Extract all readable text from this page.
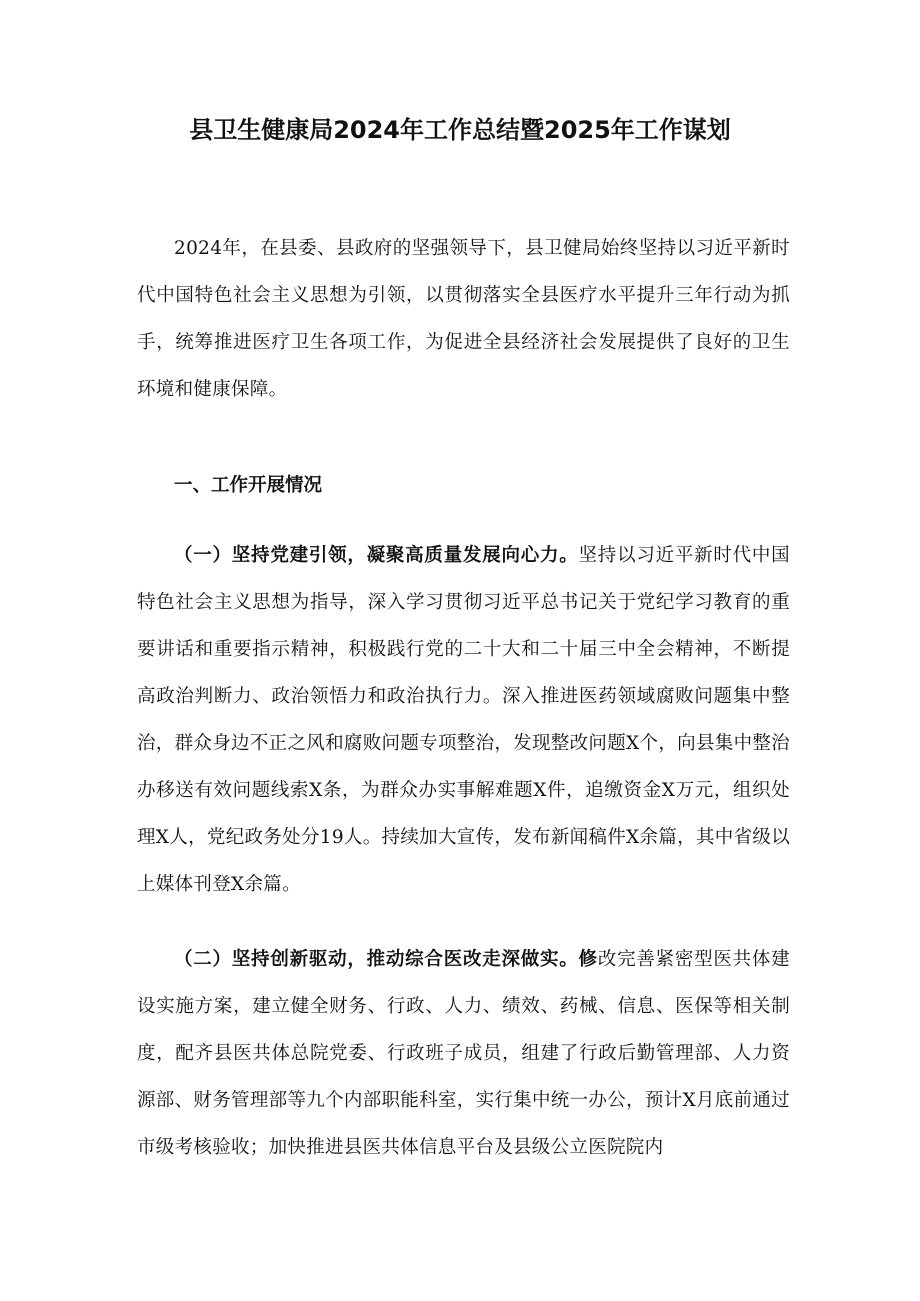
县卫生健康局2024年工作总结暨2025年工作谋划

2024年，在县委、县政府的坚强领导下，县卫健局始终坚持以习近平新时代中国特色社会主义思想为引领，以贯彻落实全县医疗水平提升三年行动为抓手，统筹推进医疗卫生各项工作，为促进全县经济社会发展提供了良好的卫生环境和健康保障。

一、工作开展情况

（一）坚持党建引领，凝聚高质量发展向心力。坚持以习近平新时代中国特色社会主义思想为指导，深入学习贯彻习近平总书记关于党纪学习教育的重要讲话和重要指示精神，积极践行党的二十大和二十届三中全会精神，不断提高政治判断力、政治领悟力和政治执行力。深入推进医药领域腐败问题集中整治，群众身边不正之风和腐败问题专项整治，发现整改问题X个，向县集中整治办移送有效问题线索X条，为群众办实事解难题X件，追缴资金X万元，组织处理X人，党纪政务处分19人。持续加大宣传，发布新闻稿件X余篇，其中省级以上媒体刊登X余篇。

（二）坚持创新驱动，推动综合医改走深做实。修改完善紧密型医共体建设实施方案，建立健全财务、行政、人力、绩效、药械、信息、医保等相关制度，配齐县医共体总院党委、行政班子成员，组建了行政后勤管理部、人力资源部、财务管理部等九个内部职能科室，实行集中统一办公，预计X月底前通过市级考核验收；加快推进县医共体信息平台及县级公立医院院内
